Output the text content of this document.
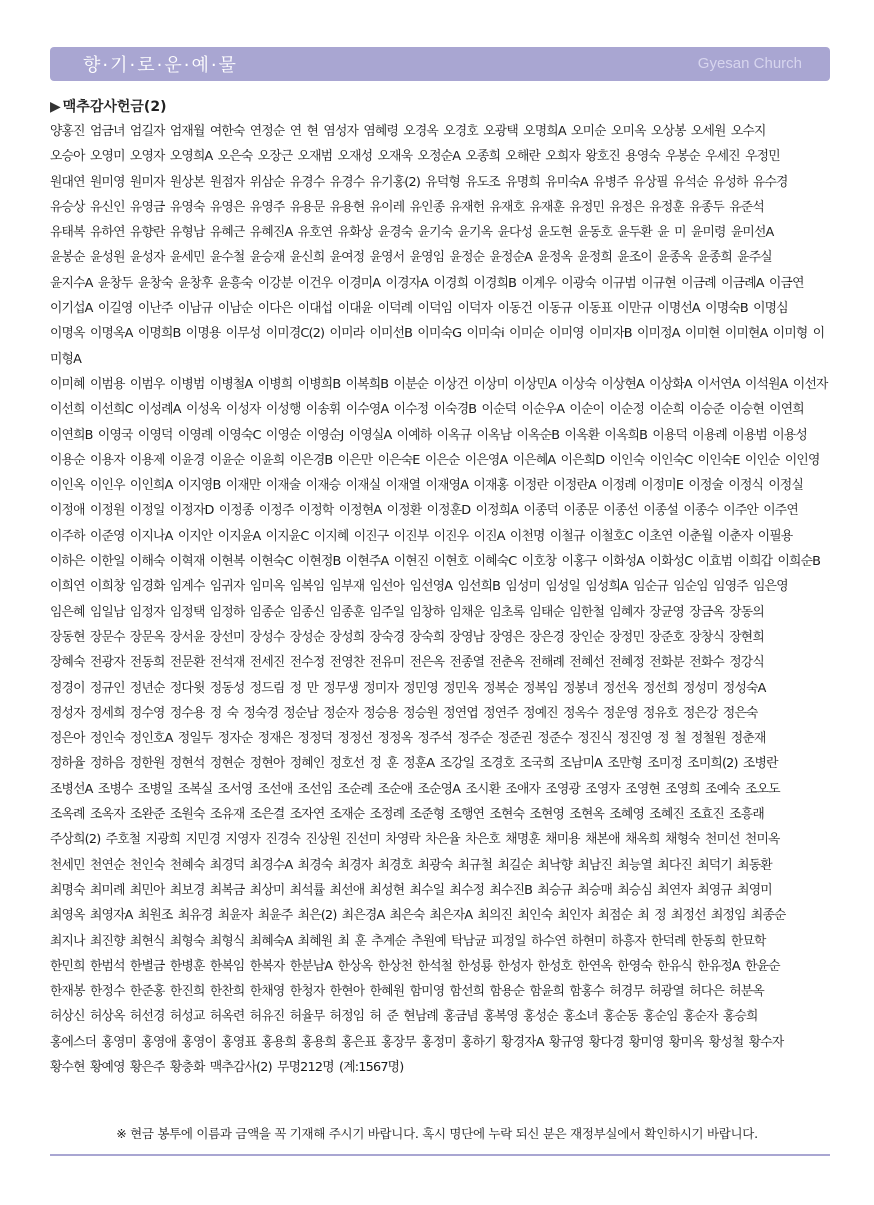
향·기·로·운·예·물	Gyesan Church
▶ 맥추감사헌금(2)
양홍진 엄금녀 엄길자 엄재월 여한숙 연정순 연 현 염성자 염혜령 오경옥 오경호 오광택 오명희A 오미순 오미옥 오상봉 오세원 오수지
오승아 오영미 오영자 오영희A 오은숙 오장근 오재범 오재성 오재욱 오정순A 오종희 오해란 오희자 왕호진 용영숙 우봉순 우세진 우정민
원대연 원미영 원미자 원상본 원점자 위삼순 유경수 유경수 유기홍(2) 유덕형 유도조 유명희 유미숙A 유병주 유상필 유석순 유성하 유수경
유승상 유신인 유영금 유영숙 유영은 유영주 유용문 유용현 유이레 유인종 유재헌 유재호 유재훈 유정민 유정은 유정훈 유종두 유준석
유태복 유하연 유향란 유형남 유혜근 유혜진A 유호연 유화상 윤경숙 윤기숙 윤기옥 윤다성 윤도현 윤동호 윤두환 윤 미 윤미령 윤미선A
윤봉순 윤성원 윤성자 윤세민 윤수철 윤승재 윤신희 윤여정 윤영서 윤영임 윤정순 윤정순A 윤정옥 윤정희 윤조이 윤종옥 윤종희 윤주실
윤지수A 윤창두 윤창숙 윤창후 윤흥숙 이강분 이건우 이경미A 이경자A 이경희 이경희B 이계우 이광숙 이규범 이규현 이금례 이금례A 이금연
이기섭A 이길영 이난주 이남규 이남순 이다은 이대섭 이대윤 이덕례 이덕임 이덕자 이동건 이동규 이동표 이만규 이명선A 이명숙B 이명심
이명옥 이명옥A 이명희B 이명용 이무성 이미경C(2) 이미라 이미선B 이미숙G 이미숙i 이미순 이미영 이미자B 이미정A 이미현 이미현A 이미형 이미형A
이미혜 이범용 이범우 이병범 이병철A 이병희 이병희B 이복희B 이분순 이상건 이상미 이상민A 이상숙 이상현A 이상화A 이서연A 이석원A 이선자
이선희 이선희C 이성례A 이성옥 이성자 이성행 이송휘 이수영A 이수정 이숙경B 이순덕 이순우A 이순이 이순정 이순희 이승준 이승현 이연희
이연희B 이영국 이영덕 이영례 이영숙C 이영순 이영순J 이영실A 이예하 이옥규 이옥남 이옥순B 이옥환 이옥희B 이용덕 이용례 이용범 이용성
이용순 이용자 이용제 이윤경 이윤순 이윤희 이은경B 이은만 이은숙E 이은순 이은영A 이은혜A 이은희D 이인숙 이인숙C 이인숙E 이인순 이인영
이인옥 이인우 이인희A 이지영B 이재만 이재술 이재승 이재실 이재열 이재영A 이재홍 이정란 이정란A 이정례 이정미E 이정술 이정식 이정실
이정애 이정원 이정일 이정자D 이정종 이정주 이정학 이정현A 이정환 이정훈D 이정희A 이종덕 이종문 이종선 이종설 이종수 이주안 이주연
이주하 이준영 이지나A 이지안 이지윤A 이지윤C 이지혜 이진구 이진부 이진우 이진A 이천명 이철규 이철호C 이초연 이춘월 이춘자 이필용
이하은 이한일 이해숙 이혁재 이현복 이현숙C 이현정B 이현주A 이현진 이현호 이혜숙C 이호창 이홍구 이화성A 이화성C 이효범 이희갑 이희순B
이희연 이희창 임경화 임계수 임귀자 임미옥 임복임 임부재 임선아 임선영A 임선희B 임성미 임성일 임성희A 임순규 임순임 임영주 임은영
임은혜 임일남 임정자 임정택 임정하 임종순 임종신 임종훈 임주일 임창하 임채운 임초록 임태순 임한철 임혜자 장균영 장금옥 장동의
장동현 장문수 장문옥 장서윤 장선미 장성수 장성순 장성희 장숙경 장숙희 장영남 장영은 장은경 장인순 장정민 장준호 장창식 장현희
장혜숙 전광자 전동희 전문환 전석재 전세진 전수정 전영찬 전유미 전은옥 전종열 전춘옥 전해례 전혜선 전혜정 전화분 전화수 정강식
정경이 정규인 정년순 정다윗 정동성 정드림 정 만 정무생 정미자 정민영 정민옥 정복순 정복임 정봉녀 정선옥 정선희 정성미 정성숙A
정성자 정세희 정수영 정수용 정 숙 정숙경 정순남 정순자 정승용 정승원 정연엽 정연주 정예진 정옥수 정운영 정유호 정은강 정은숙
정은아 정인숙 정인호A 정일두 정자순 정재은 정정덕 정정선 정정옥 정주석 정주순 정준권 정준수 정진식 정진영 정 철 정철원 정춘재
정하율 정하음 정한원 정현석 정현순 정현아 정혜인 정호선 정 훈 정훈A 조강일 조경호 조국희 조남미A 조만형 조미정 조미희(2) 조병란
조병선A 조병수 조병일 조복실 조서영 조선애 조선임 조순례 조순애 조순영A 조시환 조애자 조영광 조영자 조영현 조영희 조예숙 조오도
조옥례 조옥자 조완준 조원숙 조유재 조은결 조자연 조재순 조정례 조준형 조행연 조현숙 조현영 조현옥 조혜영 조혜진 조효진 조흥래
주상희(2) 주호철 지광희 지민경 지영자 진경숙 진상원 진선미 차영락 차은율 차은호 채명훈 채미용 채본애 채옥희 채형숙 천미선 천미옥
천세민 천연순 천인숙 천혜숙 최경덕 최경수A 최경숙 최경자 최경호 최광숙 최규철 최길순 최낙향 최남진 최능열 최다진 최덕기 최동환
최명숙 최미례 최민아 최보경 최복금 최상미 최석률 최선애 최성현 최수일 최수정 최수진B 최승규 최승매 최승심 최연자 최영규 최영미
최영옥 최영자A 최원조 최유경 최윤자 최윤주 최은(2) 최은경A 최은숙 최은자A 최의진 최인숙 최인자 최점순 최 정 최정선 최정임 최종순
최지나 최진향 최현식 최형숙 최형식 최혜숙A 최혜원 최 훈 추계순 추원예 탁남균 피정일 하수연 하현미 하흥자 한덕례 한동희 한묘학
한민희 한범석 한별금 한병훈 한복임 한복자 한분남A 한상옥 한상천 한석철 한성룡 한성자 한성호 한연옥 한영숙 한유식 한유정A 한윤순
한재봉 한정수 한준홍 한진희 한찬희 한채영 한청자 한현아 한혜원 함미영 함선희 함용순 함윤희 함홍수 허경무 허광열 허다은 허분옥
허상신 허상옥 허선경 허성교 허옥련 허유진 허율무 허정임 허 준 현남례 홍금념 홍복영 홍성순 홍소녀 홍순동 홍순임 홍순자 홍승희
홍에스더 홍영미 홍영애 홍영이 홍영표 홍용희 홍용희 홍은표 홍장무 홍정미 홍하기 황경자A 황규영 황다경 황미영 황미옥 황성철 황수자
황수현 황예영 황은주 황충화 맥추감사(2) 무명212명 (계:1567명)
※ 현금 봉투에 이름과 금액을 꼭 기재해 주시기 바랍니다. 혹시 명단에 누락 되신 분은 재정부실에서 확인하시기 바랍니다.
